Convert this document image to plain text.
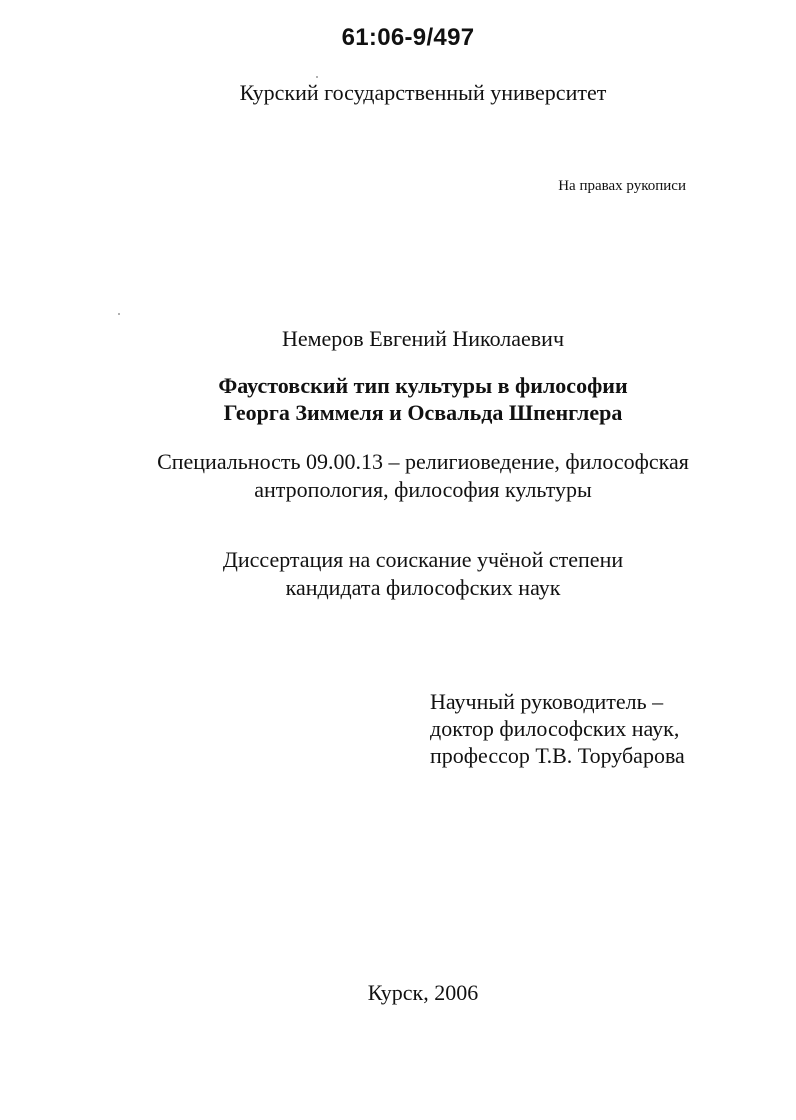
61:06-9/497
Курский государственный университет
На правах рукописи
Немеров Евгений Николаевич
Фаустовский тип культуры в философии
Георга Зиммеля и Освальда Шпенглера
Специальность 09.00.13 – религиоведение, философская
антропология, философия культуры
Диссертация на соискание учёной степени
кандидата философских наук
Научный руководитель –
доктор философских наук,
профессор Т.В. Торубарова
Курск, 2006
